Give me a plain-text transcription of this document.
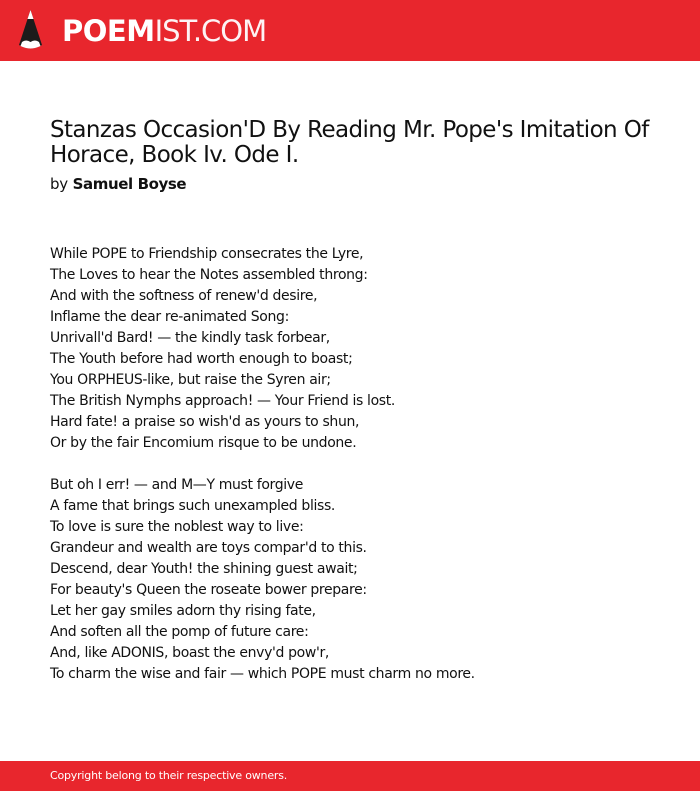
POEMIST.COM
Stanzas Occasion'D By Reading Mr. Pope's Imitation Of Horace, Book Iv. Ode I.
by Samuel Boyse
While POPE to Friendship consecrates the Lyre,
The Loves to hear the Notes assembled throng:
And with the softness of renew'd desire,
Inflame the dear re-animated Song:
Unrivall'd Bard! — the kindly task forbear,
The Youth before had worth enough to boast;
You ORPHEUS-like, but raise the Syren air;
The British Nymphs approach! — Your Friend is lost.
Hard fate! a praise so wish'd as yours to shun,
Or by the fair Encomium risque to be undone.
But oh I err! — and M—Y must forgive
A fame that brings such unexampled bliss.
To love is sure the noblest way to live:
Grandeur and wealth are toys compar'd to this.
Descend, dear Youth! the shining guest await;
For beauty's Queen the roseate bower prepare:
Let her gay smiles adorn thy rising fate,
And soften all the pomp of future care:
And, like ADONIS, boast the envy'd pow'r,
To charm the wise and fair — which POPE must charm no more.
Copyright belong to their respective owners.
